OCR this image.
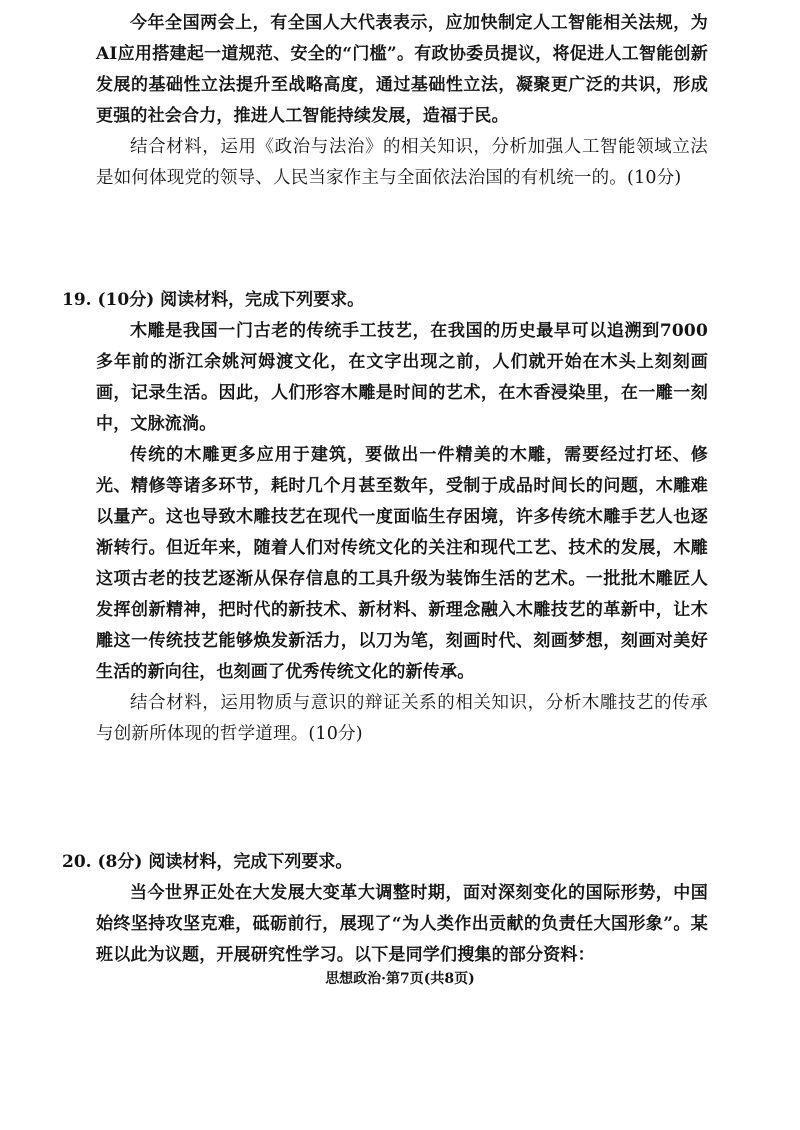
今年全国两会上，有全国人大代表表示，应加快制定人工智能相关法规，为AI应用搭建起一道规范、安全的“门槛”。有政协委员提议，将促进人工智能创新发展的基础性立法提升至战略高度，通过基础性立法，凝聚更广泛的共识，形成更强的社会合力，推进人工智能持续发展，造福于民。

结合材料，运用《政治与法治》的相关知识，分析加强人工智能领域立法是如何体现党的领导、人民当家作主与全面依法治国的有机统一的。(10分)

19. (10分) 阅读材料，完成下列要求。

木雕是我国一门古老的传统手工技艺，在我国的历史最早可以追溯到7000多年前的浙江余姚河姆渡文化，在文字出现之前，人们就开始在木头上刻刻画画，记录生活。因此，人们形容木雕是时间的艺术，在木香浸染里，在一雕一刻中，文脉流淌。

传统的木雕更多应用于建筑，要做出一件精美的木雕，需要经过打坯、修光、精修等诸多环节，耗时几个月甚至数年，受制于成品时间长的问题，木雕难以量产。这也导致木雕技艺在现代一度面临生存困境，许多传统木雕手艺人也逐渐转行。但近年来，随着人们对传统文化的关注和现代工艺、技术的发展，木雕这项古老的技艺逐渐从保存信息的工具升级为装饰生活的艺术。一批批木雕匠人发挥创新精神，把时代的新技术、新材料、新理念融入木雕技艺的革新中，让木雕这一传统技艺能够焕发新活力，以刀为笔，刻画时代、刻画梦想，刻画对美好生活的新向往，也刻画了优秀传统文化的新传承。

结合材料，运用物质与意识的辩证关系的相关知识，分析木雕技艺的传承与创新所体现的哲学道理。(10分)

20. (8分) 阅读材料，完成下列要求。

当今世界正处在大发展大变革大调整时期，面对深刻变化的国际形势，中国始终坚持攻坚克难，砥砺前行，展现了“为人类作出贡献的负责任大国形象”。某班以此为议题，开展研究性学习。以下是同学们搜集的部分资料：

思想政治·第7页(共8页)
